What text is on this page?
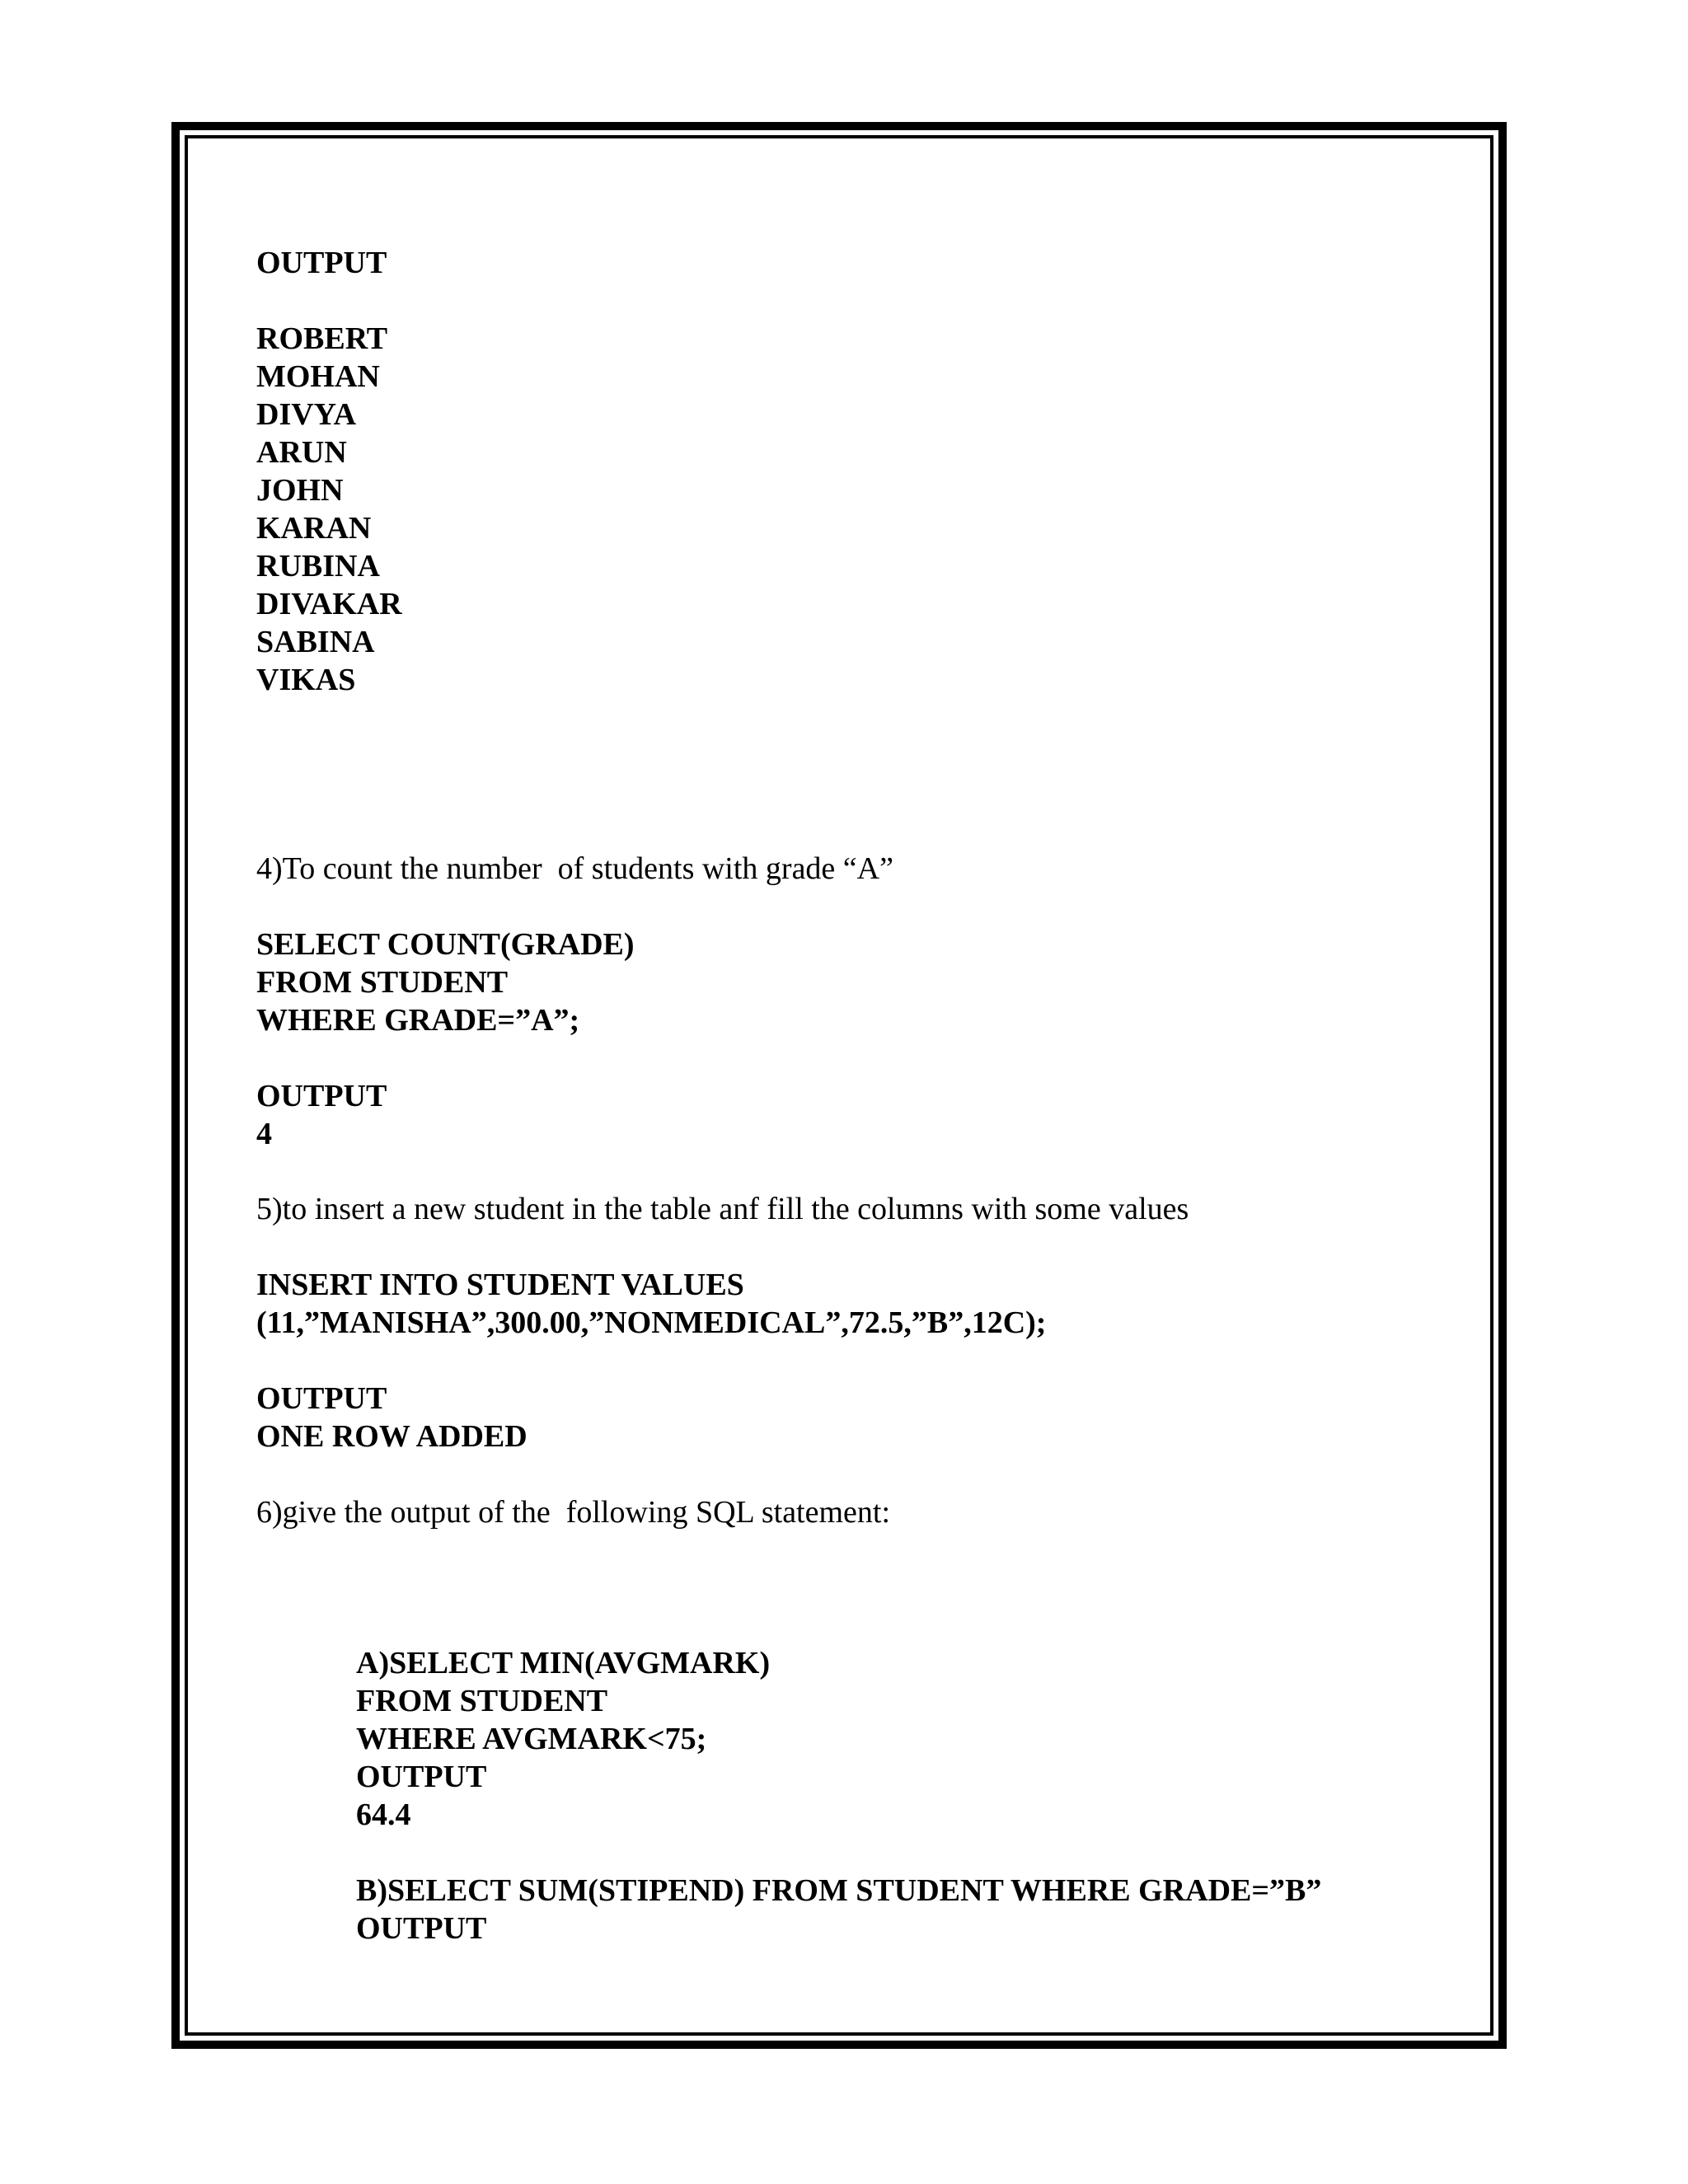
OUTPUT

ROBERT

MOHAN

DIVYA

ARUN

JOHN

KARAN

RUBINA

DIVAKAR

SABINA

VIKAS

4)To count the number  of students with grade “A”

SELECT COUNT(GRADE)

FROM STUDENT

WHERE GRADE=”A”;

OUTPUT

4

5)to insert a new student in the table anf fill the columns with some values

INSERT INTO STUDENT VALUES

(11,”MANISHA”,300.00,”NONMEDICAL”,72.5,”B”,12C);

OUTPUT

ONE ROW ADDED

6)give the output of the  following SQL statement:

A)SELECT MIN(AVGMARK)

FROM STUDENT

WHERE AVGMARK<75;

OUTPUT

64.4

B)SELECT SUM(STIPEND) FROM STUDENT WHERE GRADE=”B”

OUTPUT
